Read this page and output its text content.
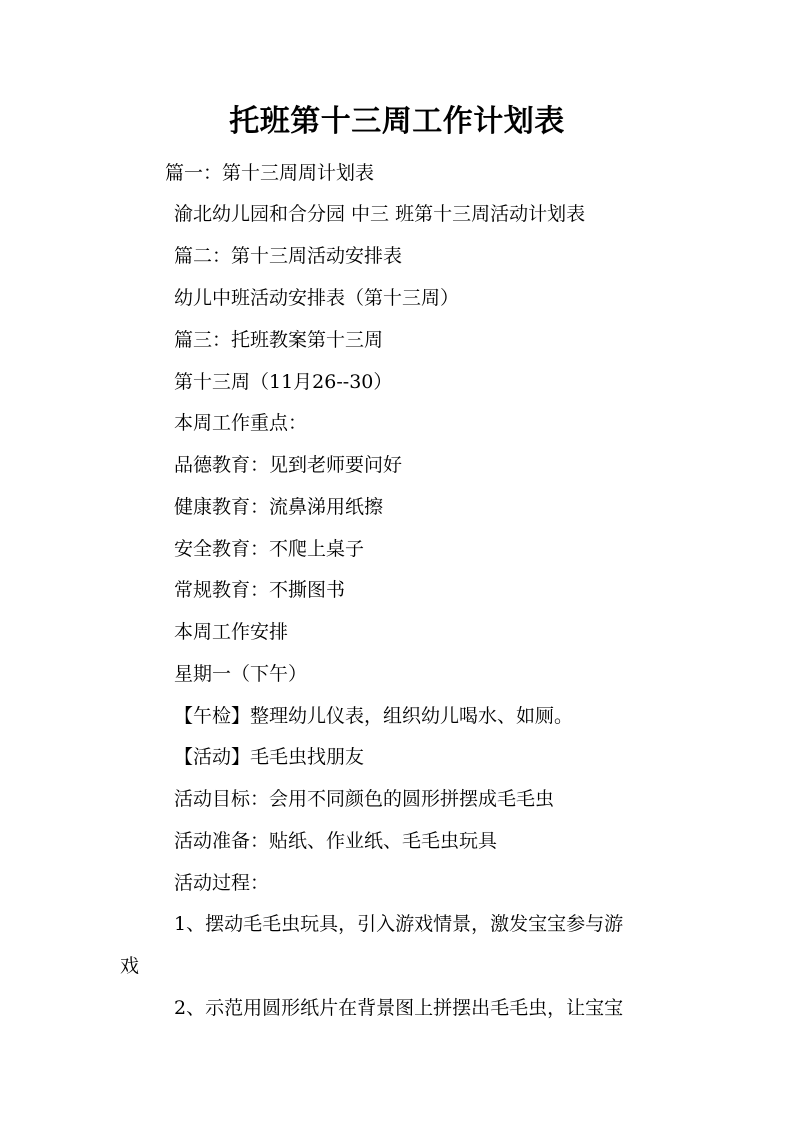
托班第十三周工作计划表

篇一：第十三周周计划表

渝北幼儿园和合分园 中三 班第十三周活动计划表

篇二：第十三周活动安排表

幼儿中班活动安排表（第十三周）

篇三：托班教案第十三周

第十三周（11月26--30）

本周工作重点：

品德教育：见到老师要问好

健康教育：流鼻涕用纸擦

安全教育：不爬上桌子

常规教育：不撕图书

本周工作安排

星期一（下午）

【午检】整理幼儿仪表，组织幼儿喝水、如厕。

【活动】毛毛虫找朋友

活动目标：会用不同颜色的圆形拼摆成毛毛虫

活动准备：贴纸、作业纸、毛毛虫玩具

活动过程：

1、摆动毛毛虫玩具，引入游戏情景，激发宝宝参与游

戏

2、示范用圆形纸片在背景图上拼摆出毛毛虫，让宝宝
